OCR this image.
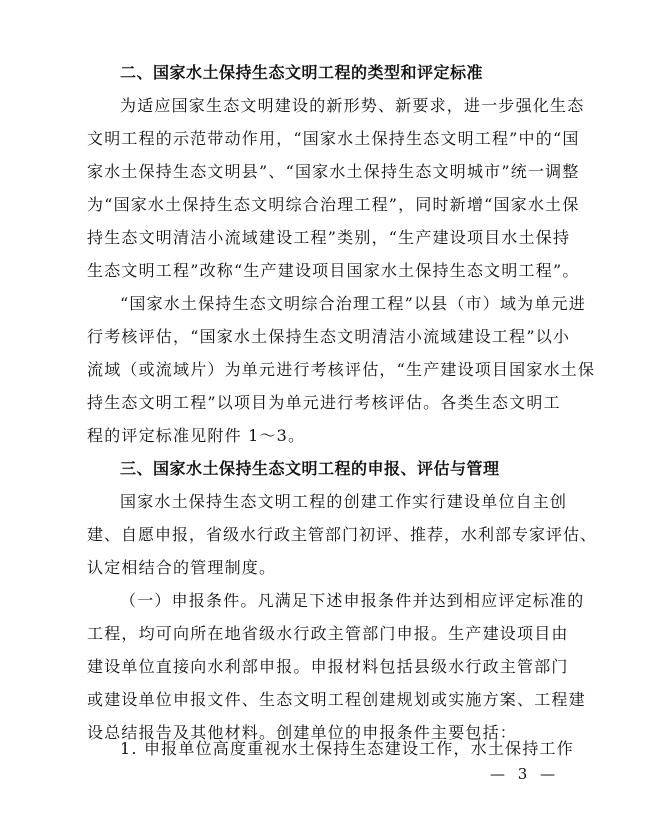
二、国家水土保持生态文明工程的类型和评定标准
为适应国家生态文明建设的新形势、新要求，进一步强化生态
文明工程的示范带动作用，“国家水土保持生态文明工程”中的“国
家水土保持生态文明县”、“国家水土保持生态文明城市”统一调整
为“国家水土保持生态文明综合治理工程”，同时新增“国家水土保
持生态文明清洁小流域建设工程”类别，“生产建设项目水土保持
生态文明工程”改称“生产建设项目国家水土保持生态文明工程”。
“国家水土保持生态文明综合治理工程”以县（市）域为单元进
行考核评估，“国家水土保持生态文明清洁小流域建设工程”以小
流域（或流域片）为单元进行考核评估，“生产建设项目国家水土保
持生态文明工程”以项目为单元进行考核评估。各类生态文明工
程的评定标准见附件 1～3。
三、国家水土保持生态文明工程的申报、评估与管理
国家水土保持生态文明工程的创建工作实行建设单位自主创
建、自愿申报，省级水行政主管部门初评、推荐，水利部专家评估、
认定相结合的管理制度。
（一）申报条件。凡满足下述申报条件并达到相应评定标准的
工程，均可向所在地省级水行政主管部门申报。生产建设项目由
建设单位直接向水利部申报。申报材料包括县级水行政主管部门
或建设单位申报文件、生态文明工程创建规划或实施方案、工程建
设总结报告及其他材料。创建单位的申报条件主要包括：
1. 申报单位高度重视水土保持生态建设工作，水土保持工作
— 3 —
